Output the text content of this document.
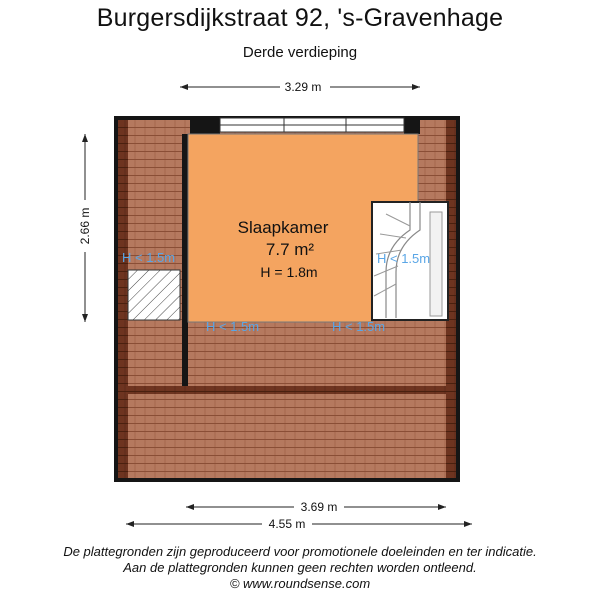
Burgersdijkstraat 92, 's-Gravenhage
Derde verdieping
Slaapkamer
7.7 m²
H = 1.8m
H < 1.5m	H < 1.5m
H < 1.5m	H < 1.5m
3.29 m
2.66 m
3.69 m
4.55 m
De plattegronden zijn geproduceerd voor promotionele doeleinden en ter indicatie.
Aan de plattegronden kunnen geen rechten worden ontleend.
© www.roundsense.com
